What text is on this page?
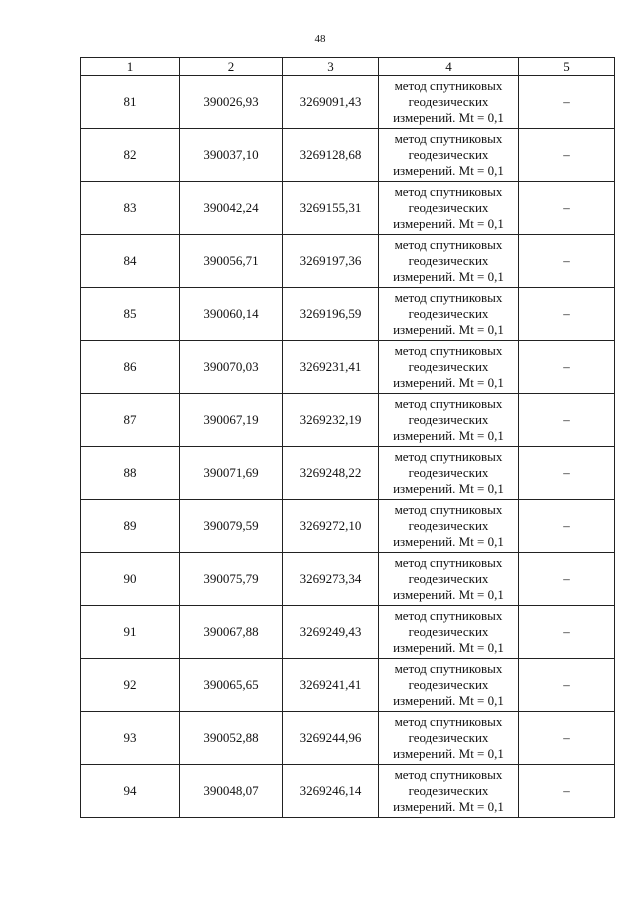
48
1	2	3	4	5
81	390026,93	3269091,43	метод спутниковых
геодезических
измерений. Mt = 0,1	–
82	390037,10	3269128,68	метод спутниковых
геодезических
измерений. Mt = 0,1	–
83	390042,24	3269155,31	метод спутниковых
геодезических
измерений. Mt = 0,1	–
84	390056,71	3269197,36	метод спутниковых
геодезических
измерений. Mt = 0,1	–
85	390060,14	3269196,59	метод спутниковых
геодезических
измерений. Mt = 0,1	–
86	390070,03	3269231,41	метод спутниковых
геодезических
измерений. Mt = 0,1	–
87	390067,19	3269232,19	метод спутниковых
геодезических
измерений. Mt = 0,1	–
88	390071,69	3269248,22	метод спутниковых
геодезических
измерений. Mt = 0,1	–
89	390079,59	3269272,10	метод спутниковых
геодезических
измерений. Mt = 0,1	–
90	390075,79	3269273,34	метод спутниковых
геодезических
измерений. Mt = 0,1	–
91	390067,88	3269249,43	метод спутниковых
геодезических
измерений. Mt = 0,1	–
92	390065,65	3269241,41	метод спутниковых
геодезических
измерений. Mt = 0,1	–
93	390052,88	3269244,96	метод спутниковых
геодезических
измерений. Mt = 0,1	–
94	390048,07	3269246,14	метод спутниковых
геодезических
измерений. Mt = 0,1	–
